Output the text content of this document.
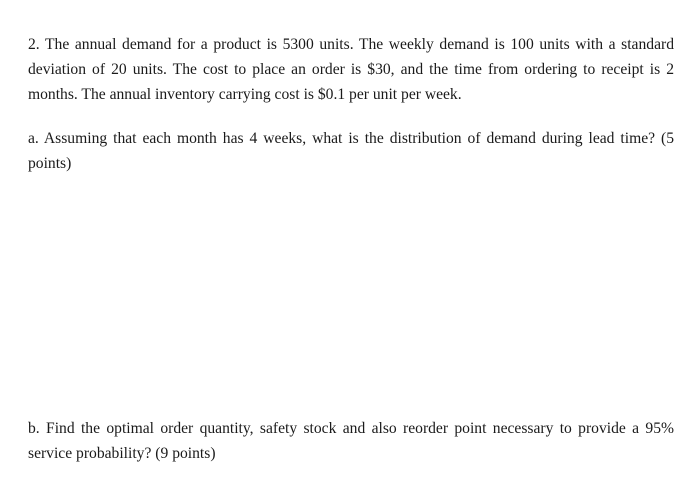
2. The annual demand for a product is 5300 units. The weekly demand is 100 units with a standard deviation of 20 units. The cost to place an order is $30, and the time from ordering to receipt is 2 months. The annual inventory carrying cost is $0.1 per unit per week.

a. Assuming that each month has 4 weeks, what is the distribution of demand during lead time? (5 points)

b. Find the optimal order quantity, safety stock and also reorder point necessary to provide a 95% service probability? (9 points)
